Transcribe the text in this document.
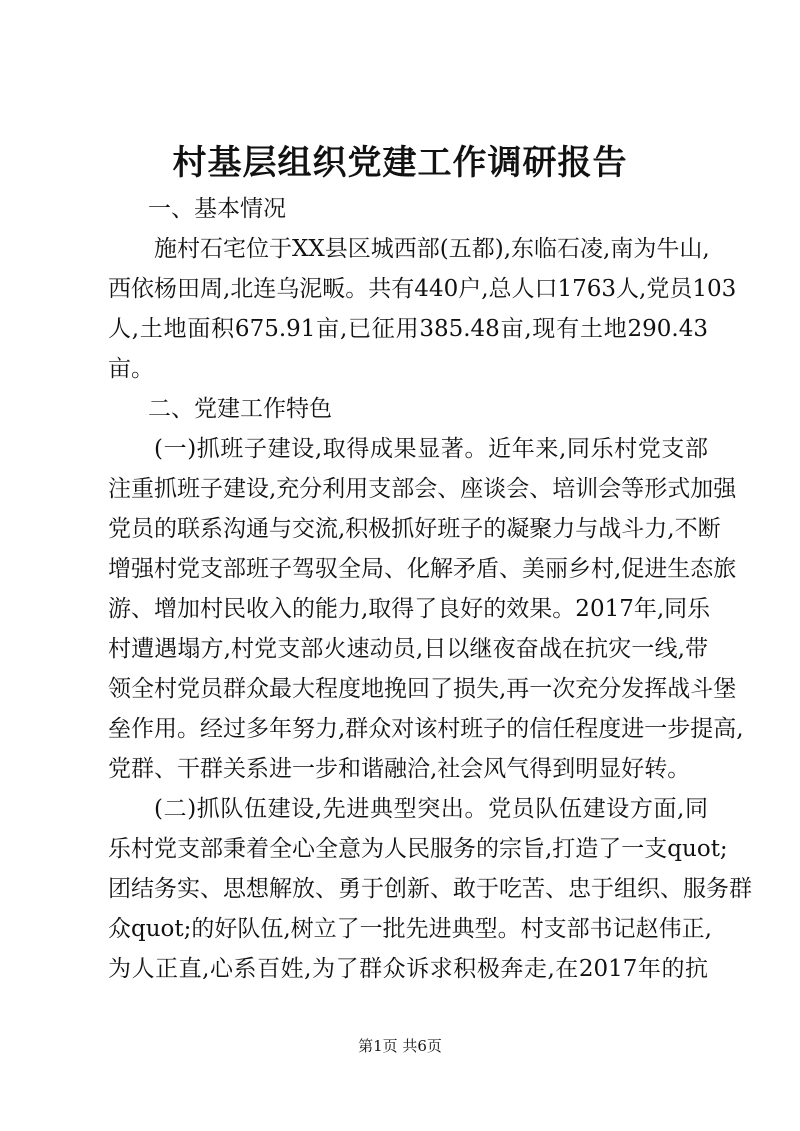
村基层组织党建工作调研报告
一、基本情况
施村石宅位于XX县区城西部(五都),东临石凌,南为牛山,
西依杨田周,北连乌泥畈。共有440户,总人口1763人,党员103
人,土地面积675.91亩,已征用385.48亩,现有土地290.43
亩。
二、党建工作特色
(一)抓班子建设,取得成果显著。近年来,同乐村党支部
注重抓班子建设,充分利用支部会、座谈会、培训会等形式加强
党员的联系沟通与交流,积极抓好班子的凝聚力与战斗力,不断
增强村党支部班子驾驭全局、化解矛盾、美丽乡村,促进生态旅
游、增加村民收入的能力,取得了良好的效果。2017年,同乐
村遭遇塌方,村党支部火速动员,日以继夜奋战在抗灾一线,带
领全村党员群众最大程度地挽回了损失,再一次充分发挥战斗堡
垒作用。经过多年努力,群众对该村班子的信任程度进一步提高,
党群、干群关系进一步和谐融洽,社会风气得到明显好转。
(二)抓队伍建设,先进典型突出。党员队伍建设方面,同
乐村党支部秉着全心全意为人民服务的宗旨,打造了一支quot;
团结务实、思想解放、勇于创新、敢于吃苦、忠于组织、服务群
众quot;的好队伍,树立了一批先进典型。村支部书记赵伟正,
为人正直,心系百姓,为了群众诉求积极奔走,在2017年的抗
第1页 共6页
